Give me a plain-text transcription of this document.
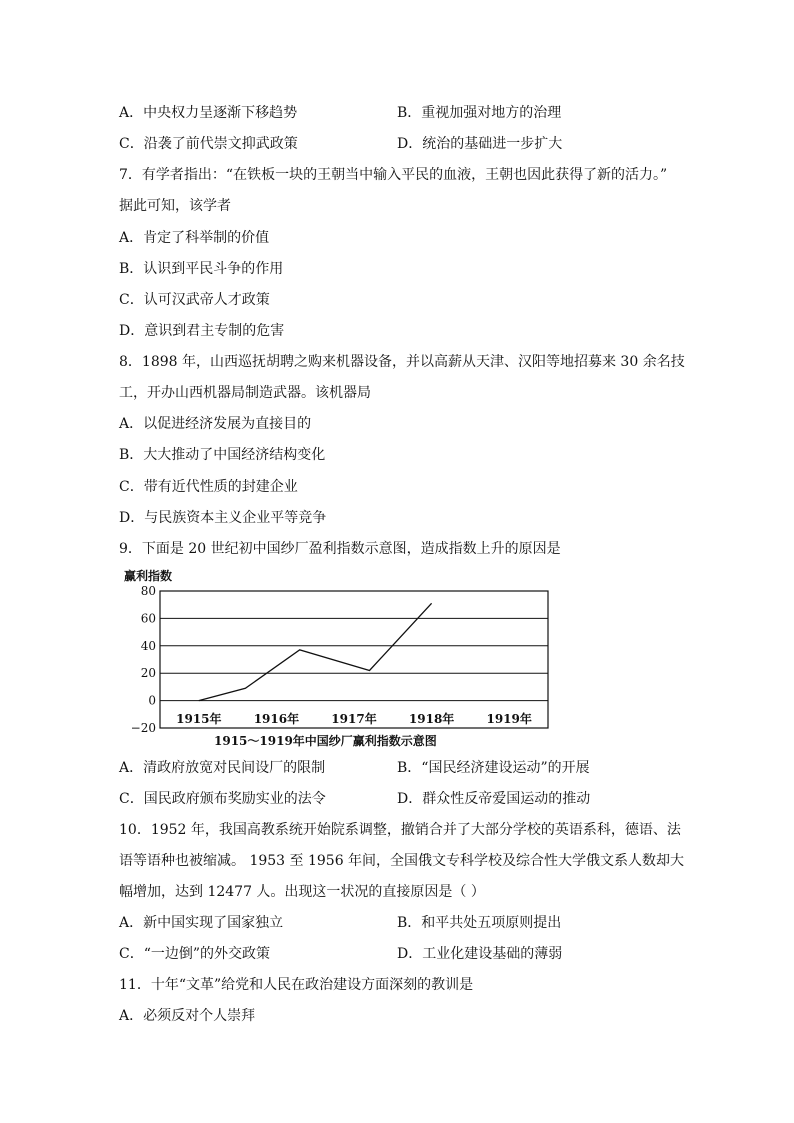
A．中央权力呈逐渐下移趋势	B．重视加强对地方的治理
C．沿袭了前代崇文抑武政策	D．统治的基础进一步扩大
7．有学者指出：“在铁板一块的王朝当中输入平民的血液，王朝也因此获得了新的活力。”
据此可知，该学者
A．肯定了科举制的价值
B．认识到平民斗争的作用
C．认可汉武帝人才政策
D．意识到君主专制的危害
8．1898 年，山西巡抚胡聘之购来机器设备，并以高薪从天津、汉阳等地招募来 30 余名技
工，开办山西机器局制造武器。该机器局
A．以促进经济发展为直接目的
B．大大推动了中国经济结构变化
C．带有近代性质的封建企业
D．与民族资本主义企业平等竞争
9．下面是 20 世纪初中国纱厂盈利指数示意图，造成指数上升的原因是
赢利指数
80
60
40
20
0
−20
1915年	1916年	1917年	1918年	1919年
1915～1919年中国纱厂赢利指数示意图
A．清政府放宽对民间设厂的限制	B．“国民经济建设运动”的开展
C．国民政府颁布奖励实业的法令	D．群众性反帝爱国运动的推动
10．1952 年，我国高教系统开始院系调整，撤销合并了大部分学校的英语系科，德语、法
语等语种也被缩减。 1953 至 1956 年间，全国俄文专科学校及综合性大学俄文系人数却大
幅增加，达到 12477 人。出现这一状况的直接原因是（ ）
A．新中国实现了国家独立	B．和平共处五项原则提出
C．“一边倒”的外交政策	D．工业化建设基础的薄弱
11．十年“文革”给党和人民在政治建设方面深刻的教训是
A．必须反对个人崇拜
